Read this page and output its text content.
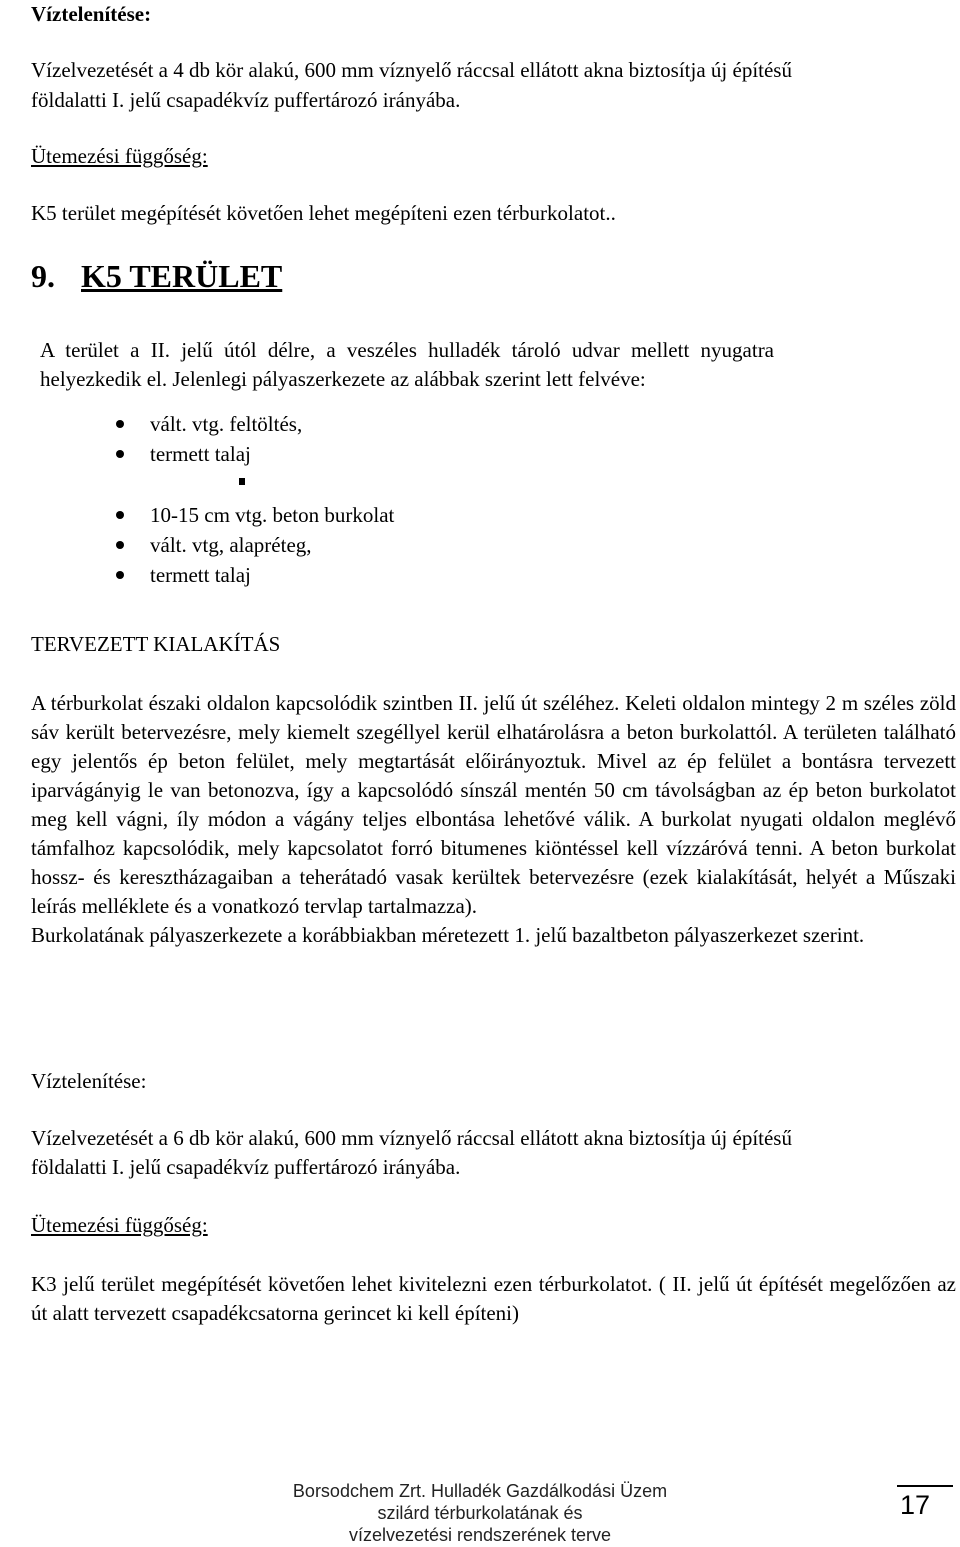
Víztelenítése:
Vízelvezetését a 4 db kör alakú, 600 mm víznyelő ráccsal ellátott akna biztosítja új építésű
földalatti I. jelű csapadékvíz puffertározó irányába.
Ütemezési függőség:
K5 terület megépítését követően lehet megépíteni ezen térburkolatot..
9. K5 TERÜLET
A terület a II. jelű útól délre, a veszéles hulladék tároló udvar mellett nyugatra
helyezkedik el. Jelenlegi pályaszerkezete az alábbak szerint lett felvéve:
vált. vtg. feltöltés,
termett talaj
10-15 cm vtg. beton burkolat
vált. vtg, alapréteg,
termett talaj
TERVEZETT KIALAKÍTÁS

A térburkolat északi oldalon kapcsolódik szintben II. jelű út széléhez. Keleti oldalon mintegy 2 m széles zöld sáv került betervezésre, mely kiemelt szegéllyel kerül elhatárolásra a beton burkolattól. A területen található egy jelentős ép beton felület, mely megtartását előirányoztuk. Mivel az ép felület a bontásra tervezett iparvágányig le van betonozva, így a kapcsolódó sínszál mentén 50 cm távolságban az ép beton burkolatot meg kell vágni, íly módon a vágány teljes elbontása lehetővé válik. A burkolat nyugati oldalon meglévő támfalhoz kapcsolódik, mely kapcsolatot forró bitumenes kiöntéssel kell vízzáróvá tenni. A beton burkolat hossz- és keresztházagaiban a teherátadó vasak kerültek betervezésre (ezek kialakítását, helyét a Műszaki leírás melléklete és a vonatkozó tervlap tartalmazza).

Burkolatának pályaszerkezete a korábbiakban méretezett 1. jelű bazaltbeton pályaszerkezet szerint.

Víztelenítése:
Vízelvezetését a 6 db kör alakú, 600 mm víznyelő ráccsal ellátott akna biztosítja új építésű
földalatti I. jelű csapadékvíz puffertározó irányába.
Ütemezési függőség:
K3 jelű terület megépítését követően lehet kivitelezni ezen térburkolatot. ( II. jelű út építését megelőzően az út alatt tervezett csapadékcsatorna gerincet ki kell építeni)
Borsodchem Zrt. Hulladék Gazdálkodási Üzem
szilárd térburkolatának és
vízelvezetési rendszerének terve
17
